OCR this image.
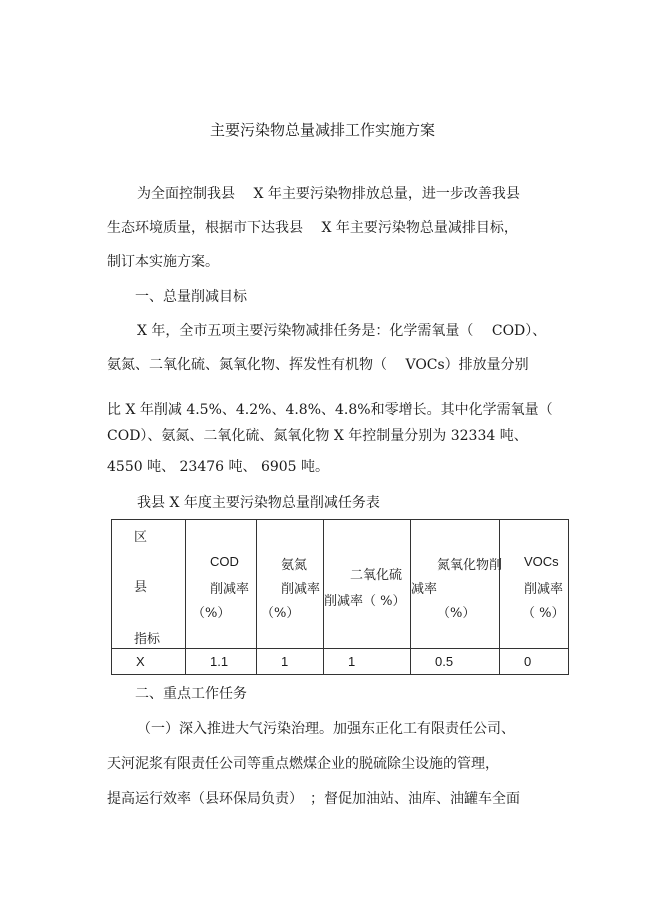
主要污染物总量减排工作实施方案
为全面控制我县　 X 年主要污染物排放总量，进一步改善我县
生态环境质量，根据市下达我县　 X 年主要污染物总量减排目标，
制订本实施方案。
一、总量削减目标
X 年，全市五项主要污染物减排任务是：化学需氧量（　 COD）、
氨氮、二氧化硫、氮氧化物、挥发性有机物（　 VOCs）排放量分别
比 X 年削减 4.5%、4.2%、4.8%、4.8%和零增长。其中化学需氧量（
COD）、氨氮、二氧化硫、氮氧化物 X 年控制量分别为 32334 吨、
4550 吨、 23476 吨、 6905 吨。
我县 X 年度主要污染物总量削减任务表
区
县
指标	COD
削减率
（%）	氨氮
削减率
（%）	二氧化硫
削减率（ %）	氮氧化物削
减率
（%）	VOCs
削减率
（ %）

X	1.1	1	1	0.5	0
二、重点工作任务
（一）深入推进大气污染治理。加强东正化工有限责任公司、
天河泥浆有限责任公司等重点燃煤企业的脱硫除尘设施的管理，
提高运行效率（县环保局负责）　；督促加油站、油库、油罐车全面
